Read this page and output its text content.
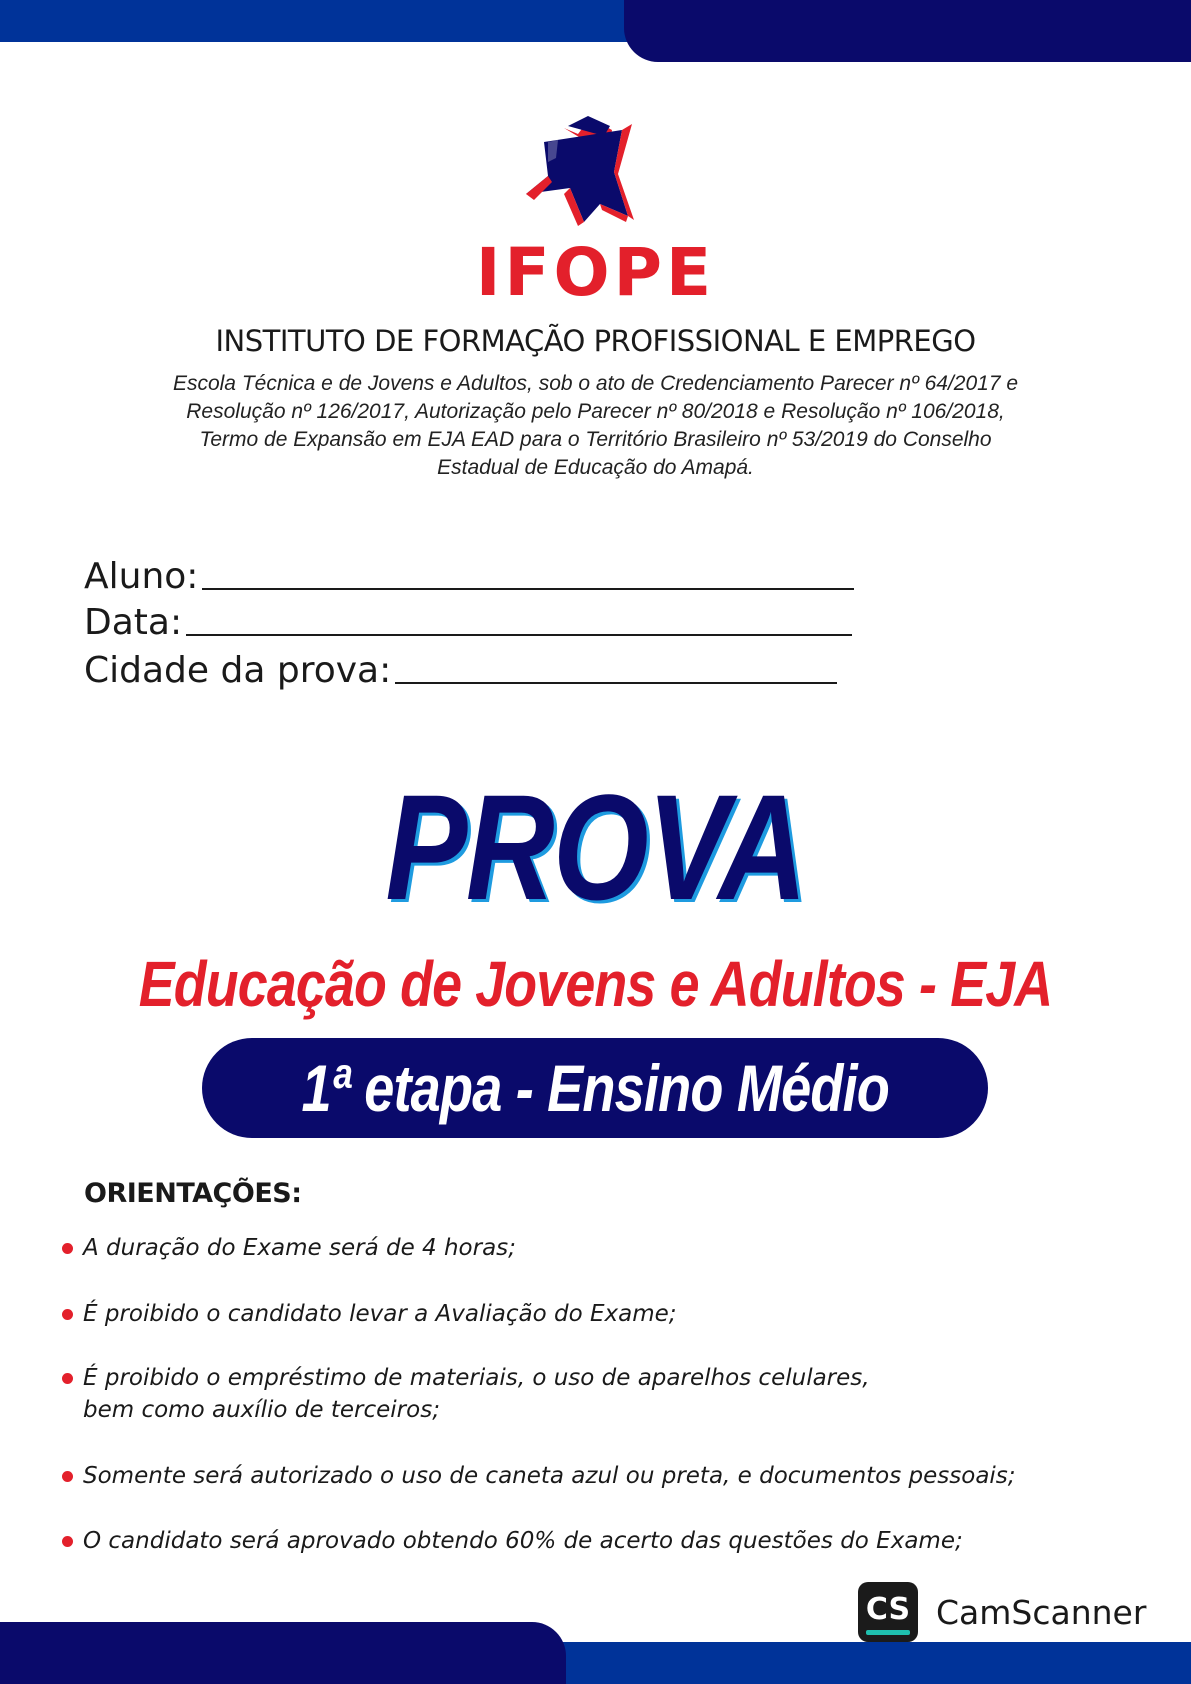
IFOPE
INSTITUTO DE FORMAÇÃO PROFISSIONAL E EMPREGO
Escola Técnica e de Jovens e Adultos, sob o ato de Credenciamento Parecer nº 64/2017 e Resolução nº 126/2017, Autorização pelo Parecer nº 80/2018 e Resolução nº 106/2018, Termo de Expansão em EJA EAD para o Território Brasileiro nº 53/2019 do Conselho Estadual de Educação do Amapá.
Aluno:
Data:
Cidade da prova:
PROVA
Educação de Jovens e Adultos - EJA
1ª etapa - Ensino Médio
ORIENTAÇÕES:
A duração do Exame será de 4 horas;
É proibido o candidato levar a Avaliação do Exame;
É proibido o empréstimo de materiais, o uso de aparelhos celulares,
bem como auxílio de terceiros;
Somente será autorizado o uso de caneta azul ou preta, e documentos pessoais;
O candidato será aprovado obtendo 60% de acerto das questões do Exame;
CS CamScanner
